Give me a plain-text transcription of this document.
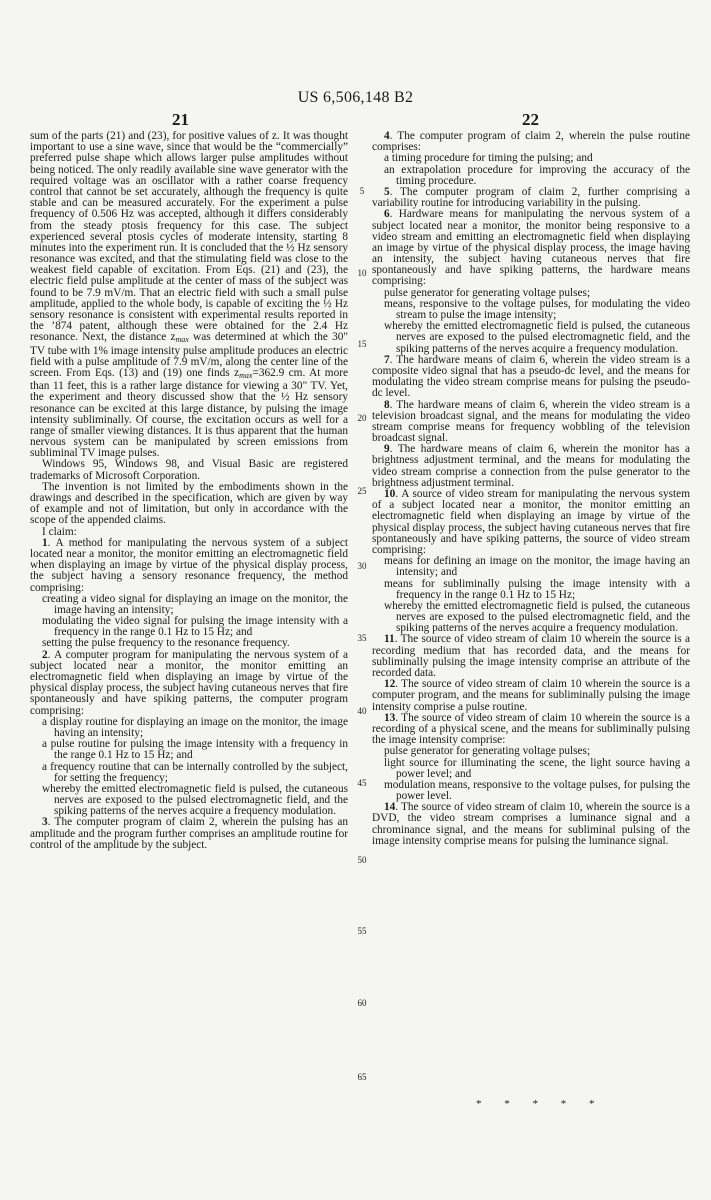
US 6,506,148 B2
21	22

sum of the parts (21) and (23), for positive values of z. It was thought important to use a sine wave, since that would be the “commercially” preferred pulse shape which allows larger pulse amplitudes without being noticed. The only readily available sine wave generator with the required voltage was an oscillator with a rather coarse frequency control that cannot be set accurately, although the frequency is quite stable and can be measured accurately. For the experiment a pulse frequency of 0.506 Hz was accepted, although it differs considerably from the steady ptosis frequency for this case. The subject experienced several ptosis cycles of moderate intensity, starting 8 minutes into the experiment run. It is concluded that the ½ Hz sensory resonance was excited, and that the stimulating field was close to the weakest field capable of excitation. From Eqs. (21) and (23), the electric field pulse amplitude at the center of mass of the subject was found to be 7.9 mV/m. That an electric field with such a small pulse amplitude, applied to the whole body, is capable of exciting the ½ Hz sensory resonance is consistent with experimental results reported in the ’874 patent, although these were obtained for the 2.4 Hz resonance. Next, the distance zmax was determined at which the 30" TV tube with 1% image intensity pulse amplitude produces an electric field with a pulse amplitude of 7.9 mV/m, along the center line of the screen. From Eqs. (13) and (19) one finds zmax=362.9 cm. At more than 11 feet, this is a rather large distance for viewing a 30" TV. Yet, the experiment and theory discussed show that the ½ Hz sensory resonance can be excited at this large distance, by pulsing the image intensity subliminally. Of course, the excitation occurs as well for a range of smaller viewing distances. It is thus apparent that the human nervous system can be manipulated by screen emissions from subliminal TV image pulses.

Windows 95, Windows 98, and Visual Basic are registered trademarks of Microsoft Corporation.

The invention is not limited by the embodiments shown in the drawings and described in the specification, which are given by way of example and not of limitation, but only in accordance with the scope of the appended claims.

I claim:

1. A method for manipulating the nervous system of a subject located near a monitor, the monitor emitting an electromagnetic field when displaying an image by virtue of the physical display process, the subject having a sensory resonance frequency, the method comprising:

creating a video signal for displaying an image on the monitor, the image having an intensity;

modulating the video signal for pulsing the image intensity with a frequency in the range 0.1 Hz to 15 Hz; and

setting the pulse frequency to the resonance frequency.

2. A computer program for manipulating the nervous system of a subject located near a monitor, the monitor emitting an electromagnetic field when displaying an image by virtue of the physical display process, the subject having cutaneous nerves that fire spontaneously and have spiking patterns, the computer program comprising:

a display routine for displaying an image on the monitor, the image having an intensity;

a pulse routine for pulsing the image intensity with a frequency in the range 0.1 Hz to 15 Hz; and

a frequency routine that can be internally controlled by the subject, for setting the frequency;

whereby the emitted electromagnetic field is pulsed, the cutaneous nerves are exposed to the pulsed electromagnetic field, and the spiking patterns of the nerves acquire a frequency modulation.

3. The computer program of claim 2, wherein the pulsing has an amplitude and the program further comprises an amplitude routine for control of the amplitude by the subject.

4. The computer program of claim 2, wherein the pulse routine comprises:

a timing procedure for timing the pulsing; and

an extrapolation procedure for improving the accuracy of the timing procedure.

5. The computer program of claim 2, further comprising a variability routine for introducing variability in the pulsing.

6. Hardware means for manipulating the nervous system of a subject located near a monitor, the monitor being responsive to a video stream and emitting an electromagnetic field when displaying an image by virtue of the physical display process, the image having an intensity, the subject having cutaneous nerves that fire spontaneously and have spiking patterns, the hardware means comprising:

pulse generator for generating voltage pulses;

means, responsive to the voltage pulses, for modulating the video stream to pulse the image intensity;

whereby the emitted electromagnetic field is pulsed, the cutaneous nerves are exposed to the pulsed electromagnetic field, and the spiking patterns of the nerves acquire a frequency modulation.

7. The hardware means of claim 6, wherein the video stream is a composite video signal that has a pseudo-dc level, and the means for modulating the video stream comprise means for pulsing the pseudo-dc level.

8. The hardware means of claim 6, wherein the video stream is a television broadcast signal, and the means for modulating the video stream comprise means for frequency wobbling of the television broadcast signal.

9. The hardware means of claim 6, wherein the monitor has a brightness adjustment terminal, and the means for modulating the video stream comprise a connection from the pulse generator to the brightness adjustment terminal.

10. A source of video stream for manipulating the nervous system of a subject located near a monitor, the monitor emitting an electromagnetic field when displaying an image by virtue of the physical display process, the subject having cutaneous nerves that fire spontaneously and have spiking patterns, the source of video stream comprising:

means for defining an image on the monitor, the image having an intensity; and

means for subliminally pulsing the image intensity with a frequency in the range 0.1 Hz to 15 Hz;

whereby the emitted electromagnetic field is pulsed, the cutaneous nerves are exposed to the pulsed electromagnetic field, and the spiking patterns of the nerves acquire a frequency modulation.

11. The source of video stream of claim 10 wherein the source is a recording medium that has recorded data, and the means for subliminally pulsing the image intensity comprise an attribute of the recorded data.

12. The source of video stream of claim 10 wherein the source is a computer program, and the means for subliminally pulsing the image intensity comprise a pulse routine.

13. The source of video stream of claim 10 wherein the source is a recording of a physical scene, and the means for subliminally pulsing the image intensity comprise:

pulse generator for generating voltage pulses;

light source for illuminating the scene, the light source having a power level; and

modulation means, responsive to the voltage pulses, for pulsing the power level.

14. The source of video stream of claim 10, wherein the source is a DVD, the video stream comprises a luminance signal and a chrominance signal, and the means for subliminal pulsing of the image intensity comprise means for pulsing the luminance signal.

5
10
15
20
25
30
35
40
45
50
55
60
65
* * * * *
